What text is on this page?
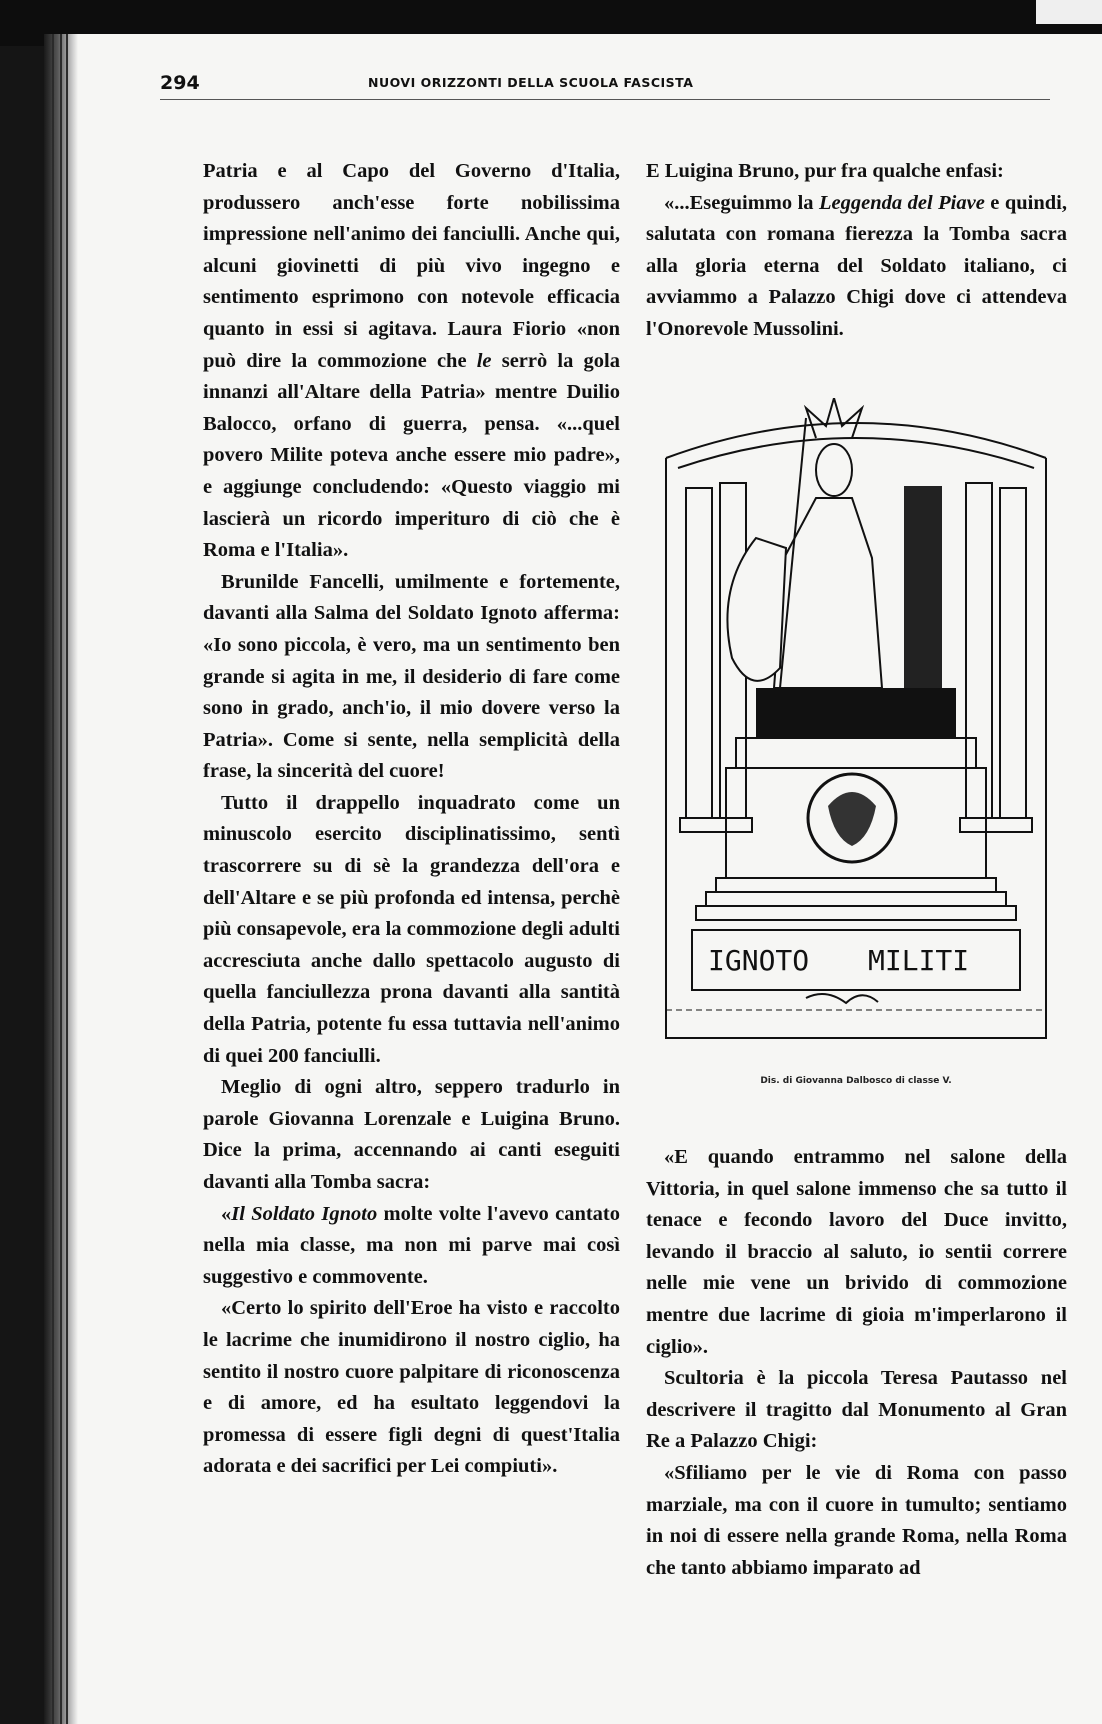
294	NUOVI ORIZZONTI DELLA SCUOLA FASCISTA

Patria e al Capo del Governo d'Italia, produssero anch'esse forte nobilissima impressione nell'animo dei fanciulli. Anche qui, alcuni giovinetti di più vivo ingegno e sentimento esprimono con notevole efficacia quanto in essi si agitava. Laura Fiorio «non può dire la commozione che le serrò la gola innanzi all'Altare della Patria» mentre Duilio Balocco, orfano di guerra, pensa. «...quel povero Milite poteva anche essere mio padre», e aggiunge concludendo: «Questo viaggio mi lascierà un ricordo imperituro di ciò che è Roma e l'Italia».

Brunilde Fancelli, umilmente e fortemente, davanti alla Salma del Soldato Ignoto afferma: «Io sono piccola, è vero, ma un sentimento ben grande si agita in me, il desiderio di fare come sono in grado, anch'io, il mio dovere verso la Patria». Come si sente, nella semplicità della frase, la sincerità del cuore!

Tutto il drappello inquadrato come un minuscolo esercito disciplinatissimo, sentì trascorrere su di sè la grandezza dell'ora e dell'Altare e se più profonda ed intensa, perchè più consapevole, era la commozione degli adulti accresciuta anche dallo spettacolo augusto di quella fanciullezza prona davanti alla santità della Patria, potente fu essa tuttavia nell'animo di quei 200 fanciulli.

Meglio di ogni altro, seppero tradurlo in parole Giovanna Lorenzale e Luigina Bruno. Dice la prima, accennando ai canti eseguiti davanti alla Tomba sacra:

«Il Soldato Ignoto molte volte l'avevo cantato nella mia classe, ma non mi parve mai così suggestivo e commovente.

«Certo lo spirito dell'Eroe ha visto e raccolto le lacrime che inumidirono il nostro ciglio, ha sentito il nostro cuore palpitare di riconoscenza e di amore, ed ha esultato leggendovi la promessa di essere figli degni di quest'Italia adorata e dei sacrifici per Lei compiuti».

E Luigina Bruno, pur fra qualche enfasi:

«...Eseguimmo la Leggenda del Piave e quindi, salutata con romana fierezza la Tomba sacra alla gloria eterna del Soldato italiano, ci avviammo a Palazzo Chigi dove ci attendeva l'Onorevole Mussolini.

IGNOTO MILITI
Dis. di Giovanna Dalbosco di classe V.

«E quando entrammo nel salone della Vittoria, in quel salone immenso che sa tutto il tenace e fecondo lavoro del Duce invitto, levando il braccio al saluto, io sentii correre nelle mie vene un brivido di commozione mentre due lacrime di gioia m'imperlarono il ciglio».

Scultoria è la piccola Teresa Pautasso nel descrivere il tragitto dal Monumento al Gran Re a Palazzo Chigi:

«Sfiliamo per le vie di Roma con passo marziale, ma con il cuore in tumulto; sentiamo in noi di essere nella grande Roma, nella Roma che tanto abbiamo imparato ad
